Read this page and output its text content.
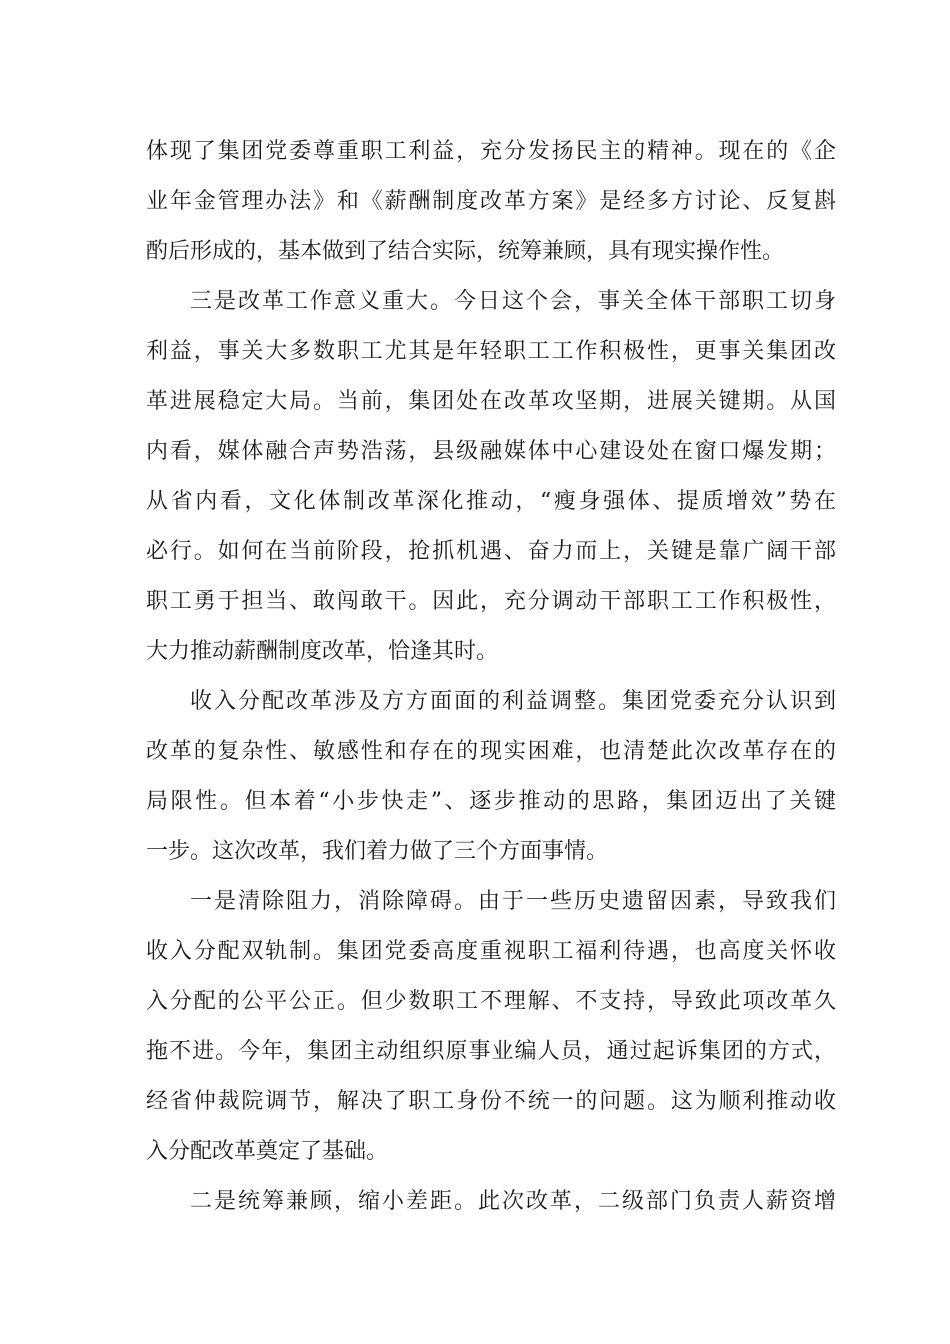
体现了集团党委尊重职工利益，充分发扬民主的精神。现在的《企
业年金管理办法》和《薪酬制度改革方案》是经多方讨论、反复斟
酌后形成的，基本做到了结合实际，统筹兼顾，具有现实操作性。
三是改革工作意义重大。今日这个会，事关全体干部职工切身
利益，事关大多数职工尤其是年轻职工工作积极性，更事关集团改
革进展稳定大局。当前，集团处在改革攻坚期，进展关键期。从国
内看，媒体融合声势浩荡，县级融媒体中心建设处在窗口爆发期；
从省内看，文化体制改革深化推动，“瘦身强体、提质增效”势在
必行。如何在当前阶段，抢抓机遇、奋力而上，关键是靠广阔干部
职工勇于担当、敢闯敢干。因此，充分调动干部职工工作积极性，
大力推动薪酬制度改革，恰逢其时。
收入分配改革涉及方方面面的利益调整。集团党委充分认识到
改革的复杂性、敏感性和存在的现实困难，也清楚此次改革存在的
局限性。但本着“小步快走”、逐步推动的思路，集团迈出了关键
一步。这次改革，我们着力做了三个方面事情。
一是清除阻力，消除障碍。由于一些历史遗留因素，导致我们
收入分配双轨制。集团党委高度重视职工福利待遇，也高度关怀收
入分配的公平公正。但少数职工不理解、不支持，导致此项改革久
拖不进。今年，集团主动组织原事业编人员，通过起诉集团的方式，
经省仲裁院调节，解决了职工身份不统一的问题。这为顺利推动收
入分配改革奠定了基础。
二是统筹兼顾，缩小差距。此次改革，二级部门负责人薪资增
